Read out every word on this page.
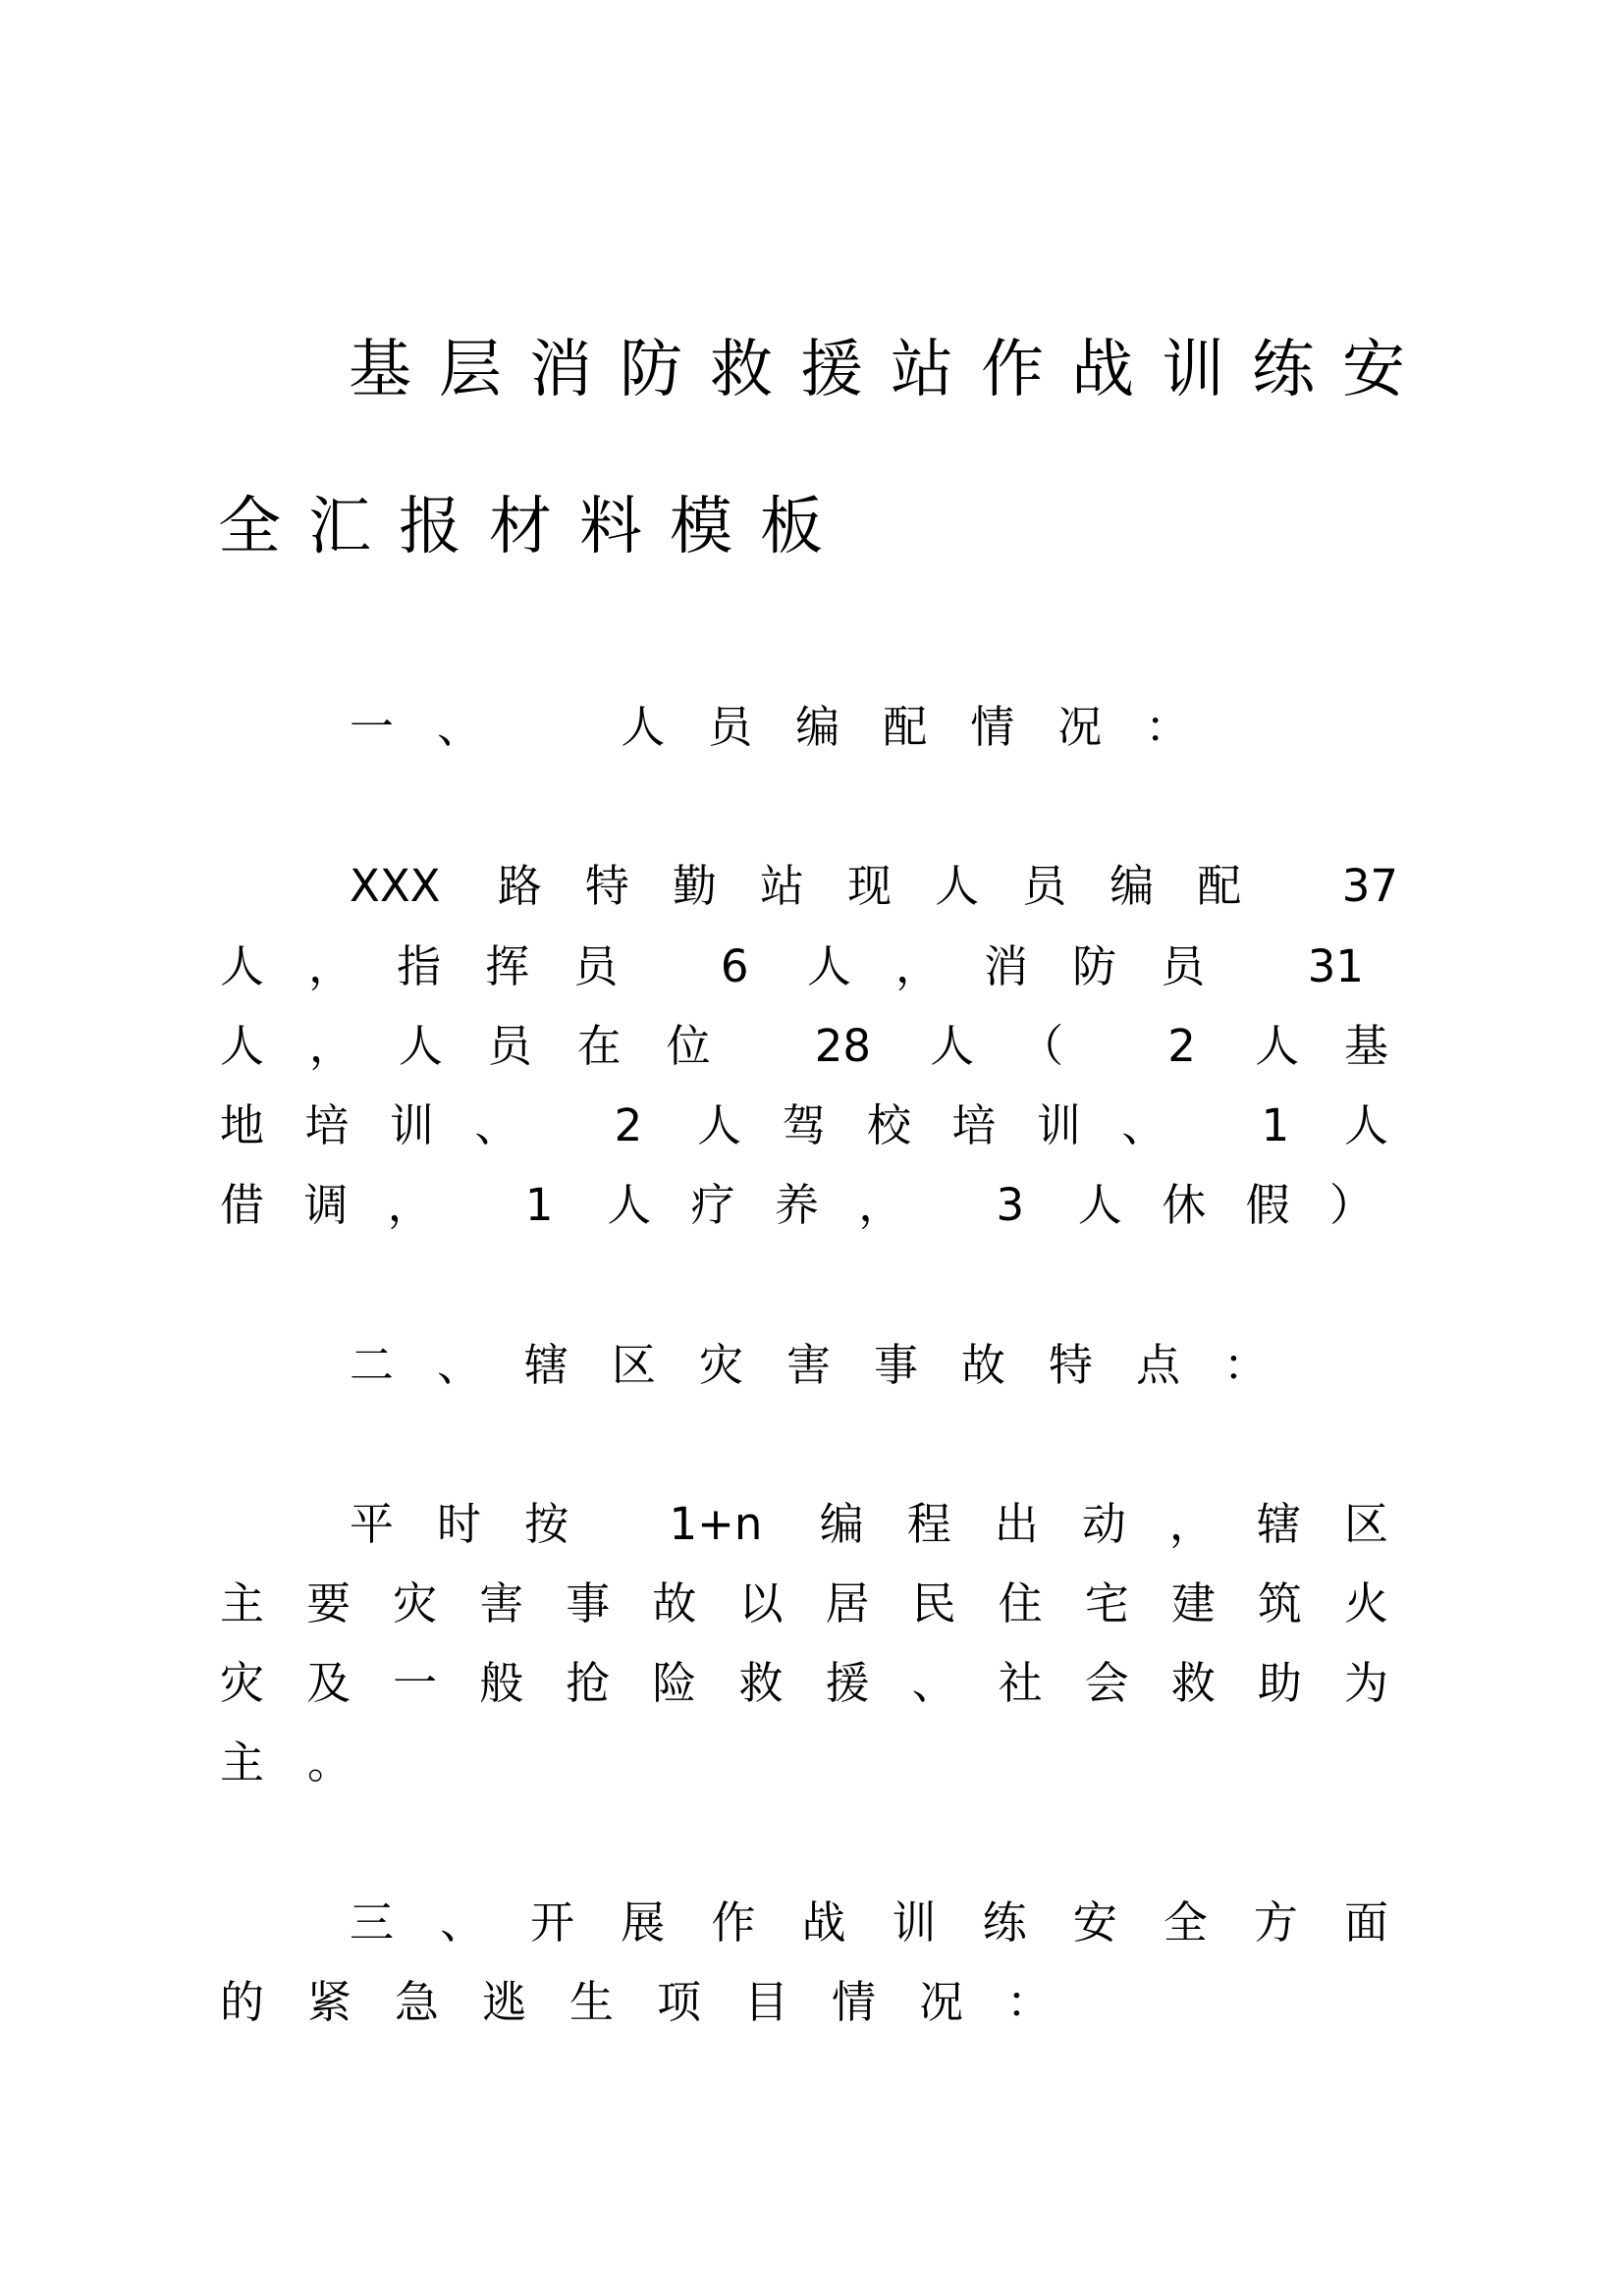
基层消防救援站作战训练安
全汇报材料模板
一、 人员编配情况：
XXX 路特勤站现人员编配 37
人，指挥员 6 人，消防员 31
人，人员在位 28 人（ 2 人基
地培训、 2 人驾校培训、 1 人
借调， 1 人疗养， 3 人休假）
二、辖区灾害事故特点：
平时按 1+n 编程出动，辖区
主要灾害事故以居民住宅建筑火
灾及一般抢险救援、社会救助为
主。
三、开展作战训练安全方面
的紧急逃生项目情况：
